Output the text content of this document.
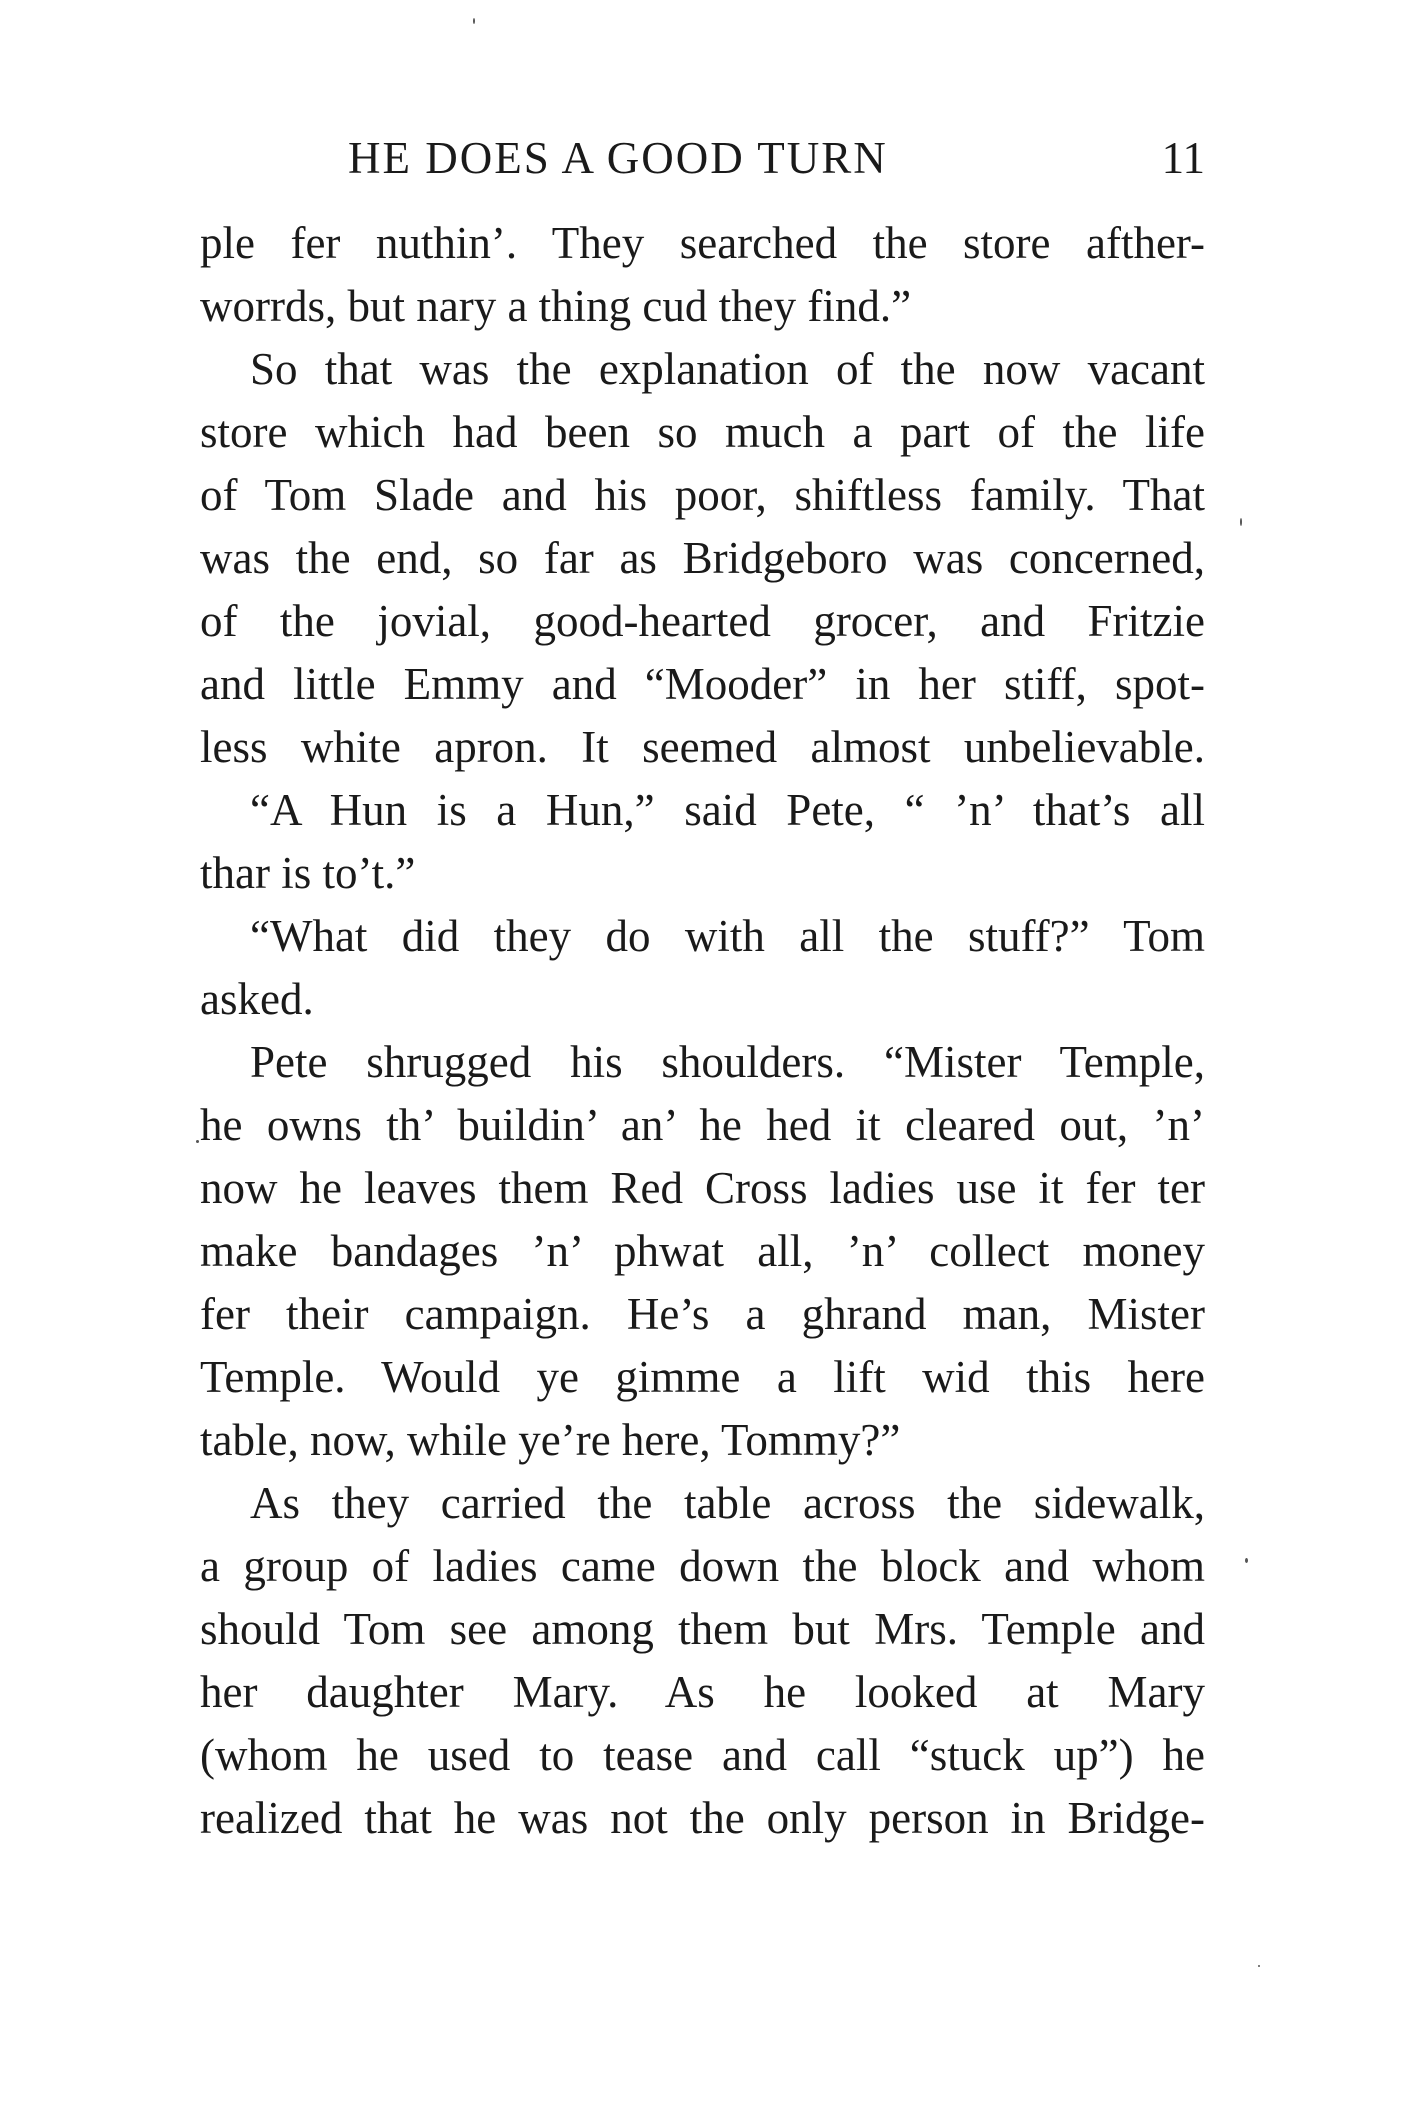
HE DOES A GOOD TURN	11
ple fer nuthin’. They searched the store afther-
worrds, but nary a thing cud they find.”
So that was the explanation of the now vacant
store which had been so much a part of the life
of Tom Slade and his poor, shiftless family. That
was the end, so far as Bridgeboro was concerned,
of the jovial, good-hearted grocer, and Fritzie
and little Emmy and “Mooder” in her stiff, spot-
less white apron. It seemed almost unbelievable.
“A Hun is a Hun,” said Pete, “ ’n’ that’s all
thar is to’t.”
“What did they do with all the stuff?” Tom
asked.
Pete shrugged his shoulders. “Mister Temple,
he owns th’ buildin’ an’ he hed it cleared out, ’n’
now he leaves them Red Cross ladies use it fer ter
make bandages ’n’ phwat all, ’n’ collect money
fer their campaign. He’s a ghrand man, Mister
Temple. Would ye gimme a lift wid this here
table, now, while ye’re here, Tommy?”
As they carried the table across the sidewalk,
a group of ladies came down the block and whom
should Tom see among them but Mrs. Temple and
her daughter Mary. As he looked at Mary
(whom he used to tease and call “stuck up”) he
realized that he was not the only person in Bridge-
